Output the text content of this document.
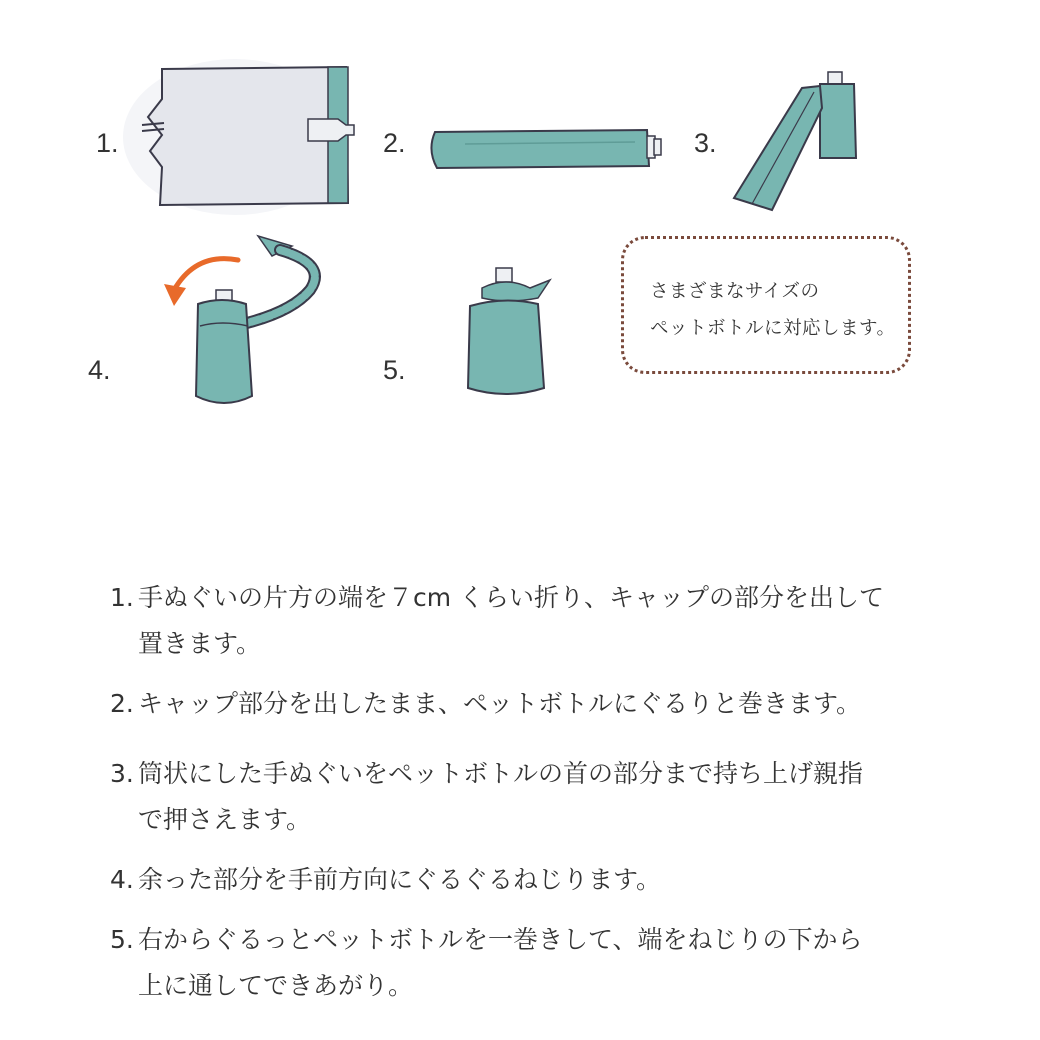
1.	2.	3.
4.	5.
さまざまなサイズの
ペットボトルに対応します。
1. 手ぬぐいの片方の端を７cm くらい折り、キャップの部分を出して
置きます。
2. キャップ部分を出したまま、ペットボトルにぐるりと巻きます。
3. 筒状にした手ぬぐいをペットボトルの首の部分まで持ち上げ親指
で押さえます。
4. 余った部分を手前方向にぐるぐるねじります。
5. 右からぐるっとペットボトルを一巻きして、端をねじりの下から
上に通してできあがり。
